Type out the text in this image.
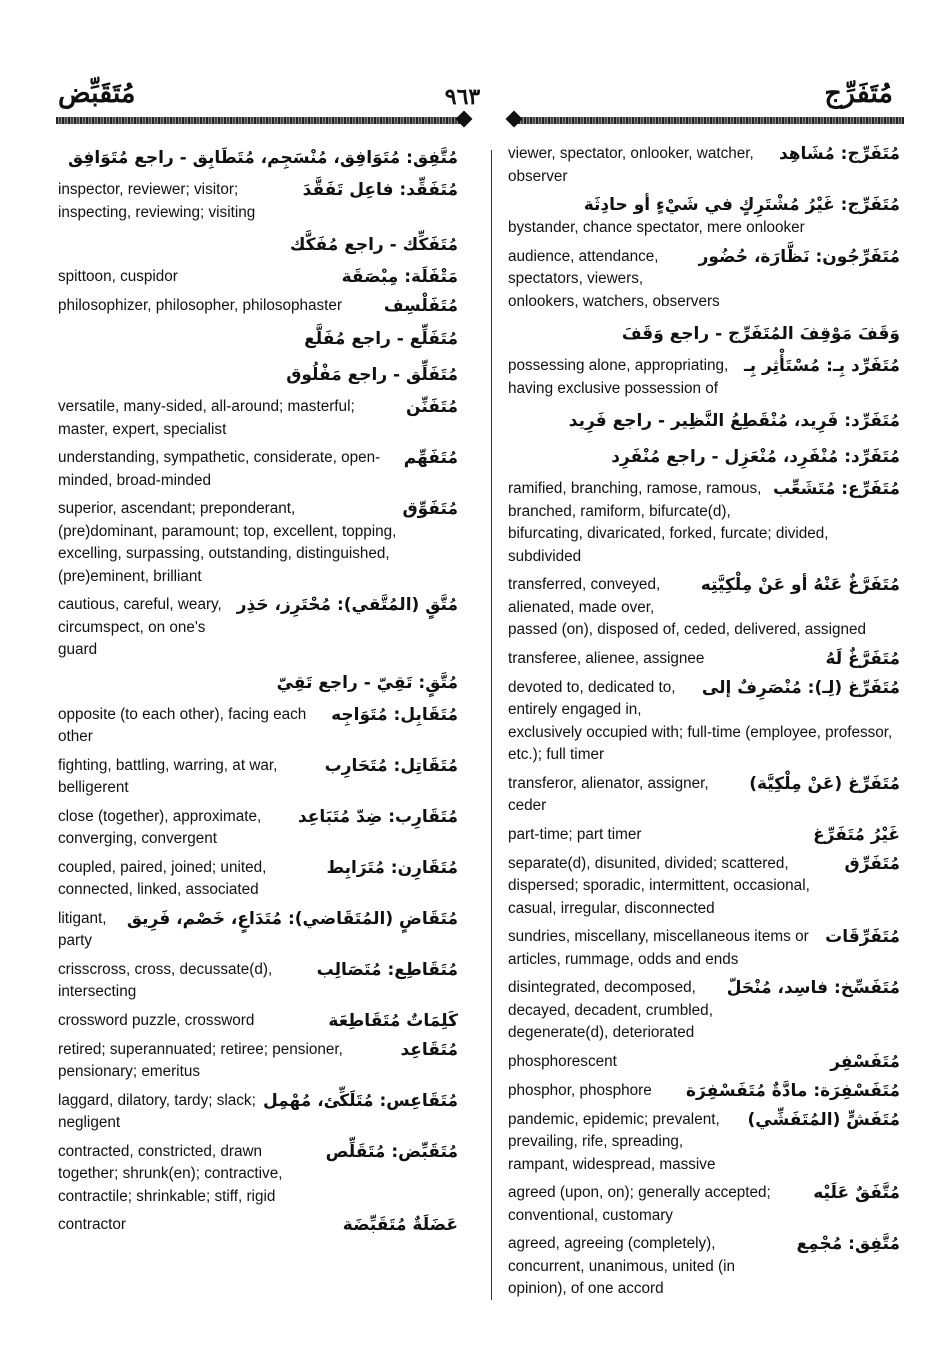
مُتَقَبِّض	٩٦٣	مُتَفَرِّج
مُتَّفِق: مُتَوَافِق، مُنْسَجِم، مُتَطَابِق - راجع مُتَوَافِق
مُتَفَقِّد: فاعِل تَفَقَّدَ
inspector, reviewer; visitor; inspecting, reviewing; visiting
مُتَفَكِّك - راجع مُفَكَّك
مَتْفَلَة: مِبْصَقَة
spittoon, cuspidor
مُتَفَلْسِف
philosophizer, philosopher, philosophaster
مُتَفَلِّع - راجع مُفَلَّع
مُتَفَلِّق - راجع مَفْلُوق
مُتَفَنِّن
versatile, many-sided, all-around; masterful; master, expert, specialist
مُتَفَهِّم
understanding, sympathetic, considerate, open-minded, broad-minded
مُتَفَوِّق
superior, ascendant; preponderant, (pre)dominant, paramount; top, excellent, topping, excelling, surpassing, outstanding, distinguished, (pre)eminent, brilliant
مُتَّقٍ (المُتَّقي): مُحْتَرِز، حَذِر
cautious, careful, weary, circumspect, on one's guard
مُتَّقٍ: تَقِيّ - راجع تَقِيّ
مُتَقَابِل: مُتَوَاجِه
opposite (to each other), facing each other
مُتَقَاتِل: مُتَحَارِب
fighting, battling, warring, at war, belligerent
مُتَقَارِب: ضِدّ مُتَبَاعِد
close (together), approximate, converging, convergent
مُتَقَارِن: مُتَرَابِط
coupled, paired, joined; united, connected, linked, associated
مُتَقَاضٍ (المُتَقَاضي): مُتَدَاعٍ، خَصْم، فَرِيق
litigant, party
مُتَقَاطِع: مُتَصَالِب
crisscross, cross, decussate(d), intersecting
كَلِمَاتٌ مُتَقَاطِعَة
crossword puzzle, crossword
مُتَقَاعِد
retired; superannuated; retiree; pensioner, pensionary; emeritus
مُتَقَاعِس: مُتَلَكِّئ، مُهْمِل
laggard, dilatory, tardy; slack; negligent
مُتَقَبِّض: مُتَقَلِّص
contracted, constricted, drawn together; shrunk(en); contractive, contractile; shrinkable; stiff, rigid
عَضَلَةٌ مُتَقَبِّضَة
contractor
مُتَفَرِّج: مُشَاهِد
viewer, spectator, onlooker, watcher, observer
مُتَفَرِّج: غَيْرُ مُشْتَرِكٍ في شَيْءٍ أو حادِثَة
bystander, chance spectator, mere onlooker
مُتَفَرِّجُون: نَظَّارَة، حُضُور
audience, attendance, spectators, viewers, onlookers, watchers, observers
وَقَفَ مَوْقِفَ المُتَفَرِّج - راجع وَقَفَ
مُتَفَرِّد بِـ: مُسْتَأْثِر بِـ
possessing alone, appropriating, having exclusive possession of
مُتَفَرِّد: فَرِيد، مُنْقَطِعُ النَّظِير - راجع فَرِيد
مُتَفَرِّد: مُنْفَرِد، مُنْعَزِل - راجع مُنْفَرِد
مُتَفَرِّع: مُتَشَعِّب
ramified, branching, ramose, ramous, branched, ramiform, bifurcate(d), bifurcating, divaricated, forked, furcate; divided, subdivided
مُتَفَرَّغٌ عَنْهُ أو عَنْ مِلْكِيَّتِه
transferred, conveyed, alienated, made over, passed (on), disposed of, ceded, delivered, assigned
مُتَفَرَّغٌ لَهُ
transferee, alienee, assignee
مُتَفَرِّغ (لِـ): مُنْصَرِفٌ إلى
devoted to, dedicated to, entirely engaged in, exclusively occupied with; full-time (employee, professor, etc.); full timer
مُتَفَرِّغ (عَنْ مِلْكِيَّة)
transferor, alienator, assigner, ceder
غَيْرُ مُتَفَرِّغ
part-time; part timer
مُتَفَرِّق
separate(d), disunited, divided; scattered, dispersed; sporadic, intermittent, occasional, casual, irregular, disconnected
مُتَفَرِّقَات
sundries, miscellany, miscellaneous items or articles, rummage, odds and ends
مُتَفَسِّخ: فاسِد، مُنْحَلّ
disintegrated, decomposed, decayed, decadent, crumbled, degenerate(d), deteriorated
مُتَفَسْفِر
phosphorescent
مُتَفَسْفِرَة: مادَّةٌ مُتَفَسْفِرَة
phosphor, phosphore
مُتَفَشٍّ (المُتَفَشِّي)
pandemic, epidemic; prevalent, prevailing, rife, spreading, rampant, widespread, massive
مُتَّفَقٌ عَلَيْه
agreed (upon, on); generally accepted; conventional, customary
مُتَّفِق: مُجْمِع
agreed, agreeing (completely), concurrent, unanimous, united (in opinion), of one accord
